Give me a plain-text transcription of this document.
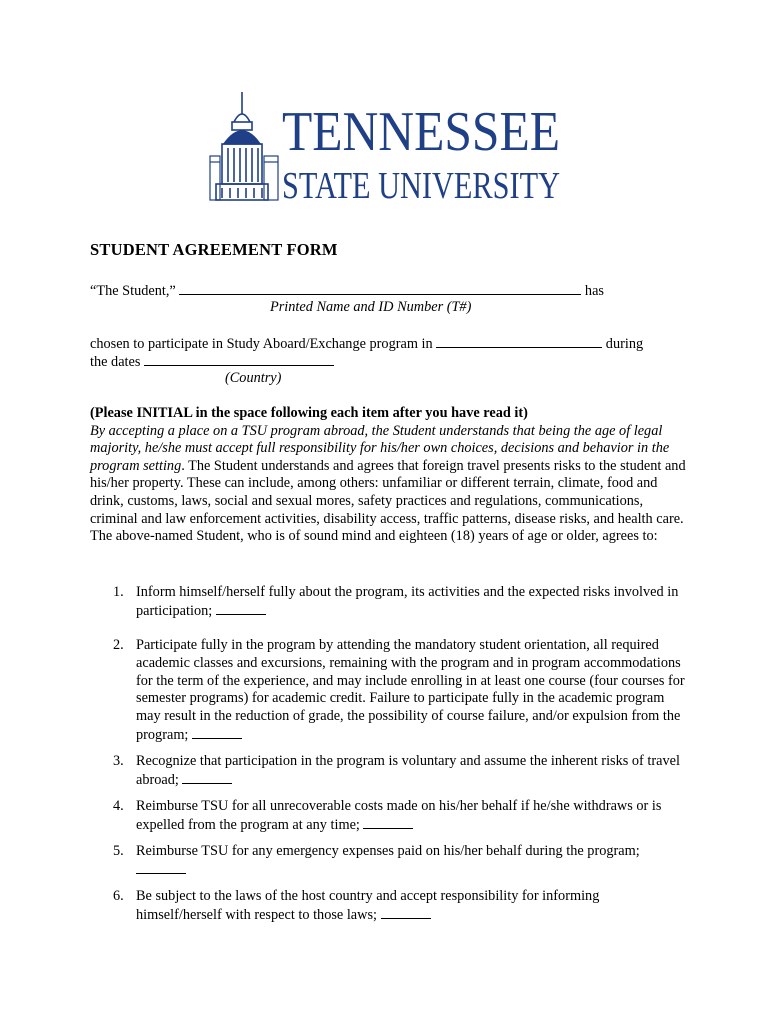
TENNESSEE
STATE UNIVERSITY
STUDENT AGREEMENT FORM
“The Student,”	has
Printed Name and ID Number (T#)
chosen to participate in Study Aboard/Exchange program in	during
the dates
(Country)
(Please INITIAL in the space following each item after you have read it)
By accepting a place on a TSU program abroad, the Student understands that being the age of legal majority, he/she must accept full responsibility for his/her own choices, decisions and behavior in the program setting. The Student understands and agrees that foreign travel presents risks to the student and his/her property. These can include, among others: unfamiliar or different terrain, climate, food and drink, customs, laws, social and sexual mores, safety practices and regulations, communications, criminal and law enforcement activities, disability access, traffic patterns, disease risks, and health care. The above-named Student, who is of sound mind and eighteen (18) years of age or older, agrees to:
1. Inform himself/herself fully about the program, its activities and the expected risks involved in participation;
2. Participate fully in the program by attending the mandatory student orientation, all required academic classes and excursions, remaining with the program and in program accommodations for the term of the experience, and may include enrolling in at least one course (four courses for semester programs) for academic credit. Failure to participate fully in the academic program may result in the reduction of grade, the possibility of course failure, and/or expulsion from the program;
3. Recognize that participation in the program is voluntary and assume the inherent risks of travel abroad;
4. Reimburse TSU for all unrecoverable costs made on his/her behalf if he/she withdraws or is expelled from the program at any time;
5. Reimburse TSU for any emergency expenses paid on his/her behalf during the program;

6. Be subject to the laws of the host country and accept responsibility for informing himself/herself with respect to those laws;
